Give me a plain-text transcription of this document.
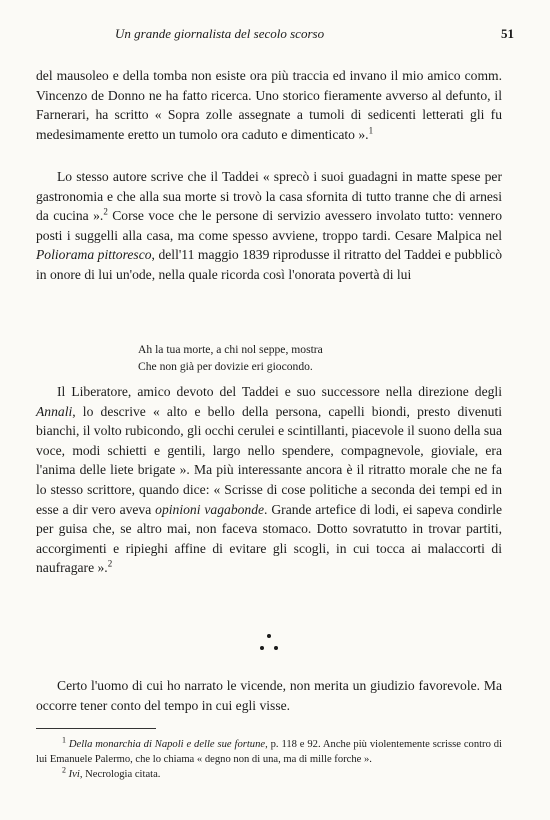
Un grande giornalista del secolo scorso	51

del mausoleo e della tomba non esiste ora più traccia ed invano il mio amico comm. Vincenzo de Donno ne ha fatto ricerca. Uno storico fieramente avverso al defunto, il Farnerari, ha scritto « Sopra zolle assegnate a tumoli di sedicenti letterati gli fu medesimamente eretto un tumolo ora caduto e dimenticato ».$^1$

Lo stesso autore scrive che il Taddei « sprecò i suoi guadagni in matte spese per gastronomia e che alla sua morte si trovò la casa sfornita di tutto tranne che di arnesi da cucina ».$^2$ Corse voce che le persone di servizio avessero involato tutto: vennero posti i suggelli alla casa, ma come spesso avviene, troppo tardi. Cesare Malpica nel Poliorama pittoresco, dell'11 maggio 1839 riprodusse il ritratto del Taddei e pubblicò in onore di lui un'ode, nella quale ricorda così l'onorata povertà di lui

Ah la tua morte, a chi nol seppe, mostra
Che non già per dovizie eri giocondo.

Il Liberatore, amico devoto del Taddei e suo successore nella direzione degli Annali, lo descrive « alto e bello della persona, capelli biondi, presto divenuti bianchi, il volto rubicondo, gli occhi cerulei e scintillanti, piacevole il suono della sua voce, modi schietti e gentili, largo nello spendere, compagnevole, gioviale, era l'anima delle liete brigate ». Ma più interessante ancora è il ritratto morale che ne fa lo stesso scrittore, quando dice: « Scrisse di cose politiche a seconda dei tempi ed in esse a dir vero aveva opinioni vagabonde. Grande artefice di lodi, ei sapeva condirle per guisa che, se altro mai, non faceva stomaco. Dotto sovratutto in trovar partiti, accorgimenti e ripieghi affine di evitare gli scogli, in cui tocca ai malaccorti di naufragare ».$^2$

Certo l'uomo di cui ho narrato le vicende, non merita un giudizio favorevole. Ma occorre tener conto del tempo in cui egli visse.

$^1$ Della monarchia di Napoli e delle sue fortune, p. 118 e 92. Anche più violentemente scrisse contro di lui Emanuele Palermo, che lo chiama « degno non di una, ma di mille forche ».

$^2$ Ivi, Necrologia citata.
